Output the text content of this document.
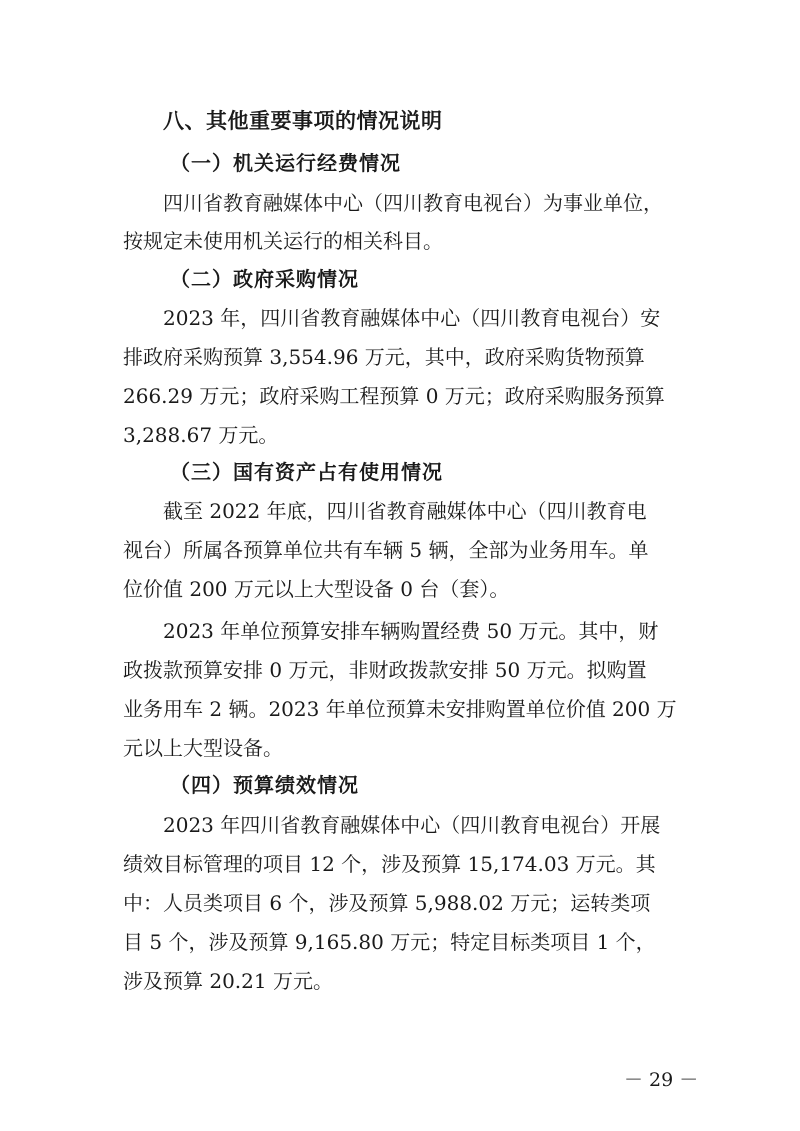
八、其他重要事项的情况说明
（一）机关运行经费情况
四川省教育融媒体中心（四川教育电视台）为事业单位，
按规定未使用机关运行的相关科目。
（二）政府采购情况
2023 年，四川省教育融媒体中心（四川教育电视台）安
排政府采购预算 3,554.96 万元，其中，政府采购货物预算
266.29 万元；政府采购工程预算 0 万元；政府采购服务预算
3,288.67 万元。
（三）国有资产占有使用情况
截至 2022 年底，四川省教育融媒体中心（四川教育电
视台）所属各预算单位共有车辆 5 辆，全部为业务用车。单
位价值 200 万元以上大型设备 0 台（套）。
2023 年单位预算安排车辆购置经费 50 万元。其中，财
政拨款预算安排 0 万元，非财政拨款安排 50 万元。拟购置
业务用车 2 辆。2023 年单位预算未安排购置单位价值 200 万
元以上大型设备。
（四）预算绩效情况
2023 年四川省教育融媒体中心（四川教育电视台）开展
绩效目标管理的项目 12 个，涉及预算 15,174.03 万元。其
中：人员类项目 6 个，涉及预算 5,988.02 万元；运转类项
目 5 个，涉及预算 9,165.80 万元；特定目标类项目 1 个，
涉及预算 20.21 万元。
－ 29 －
